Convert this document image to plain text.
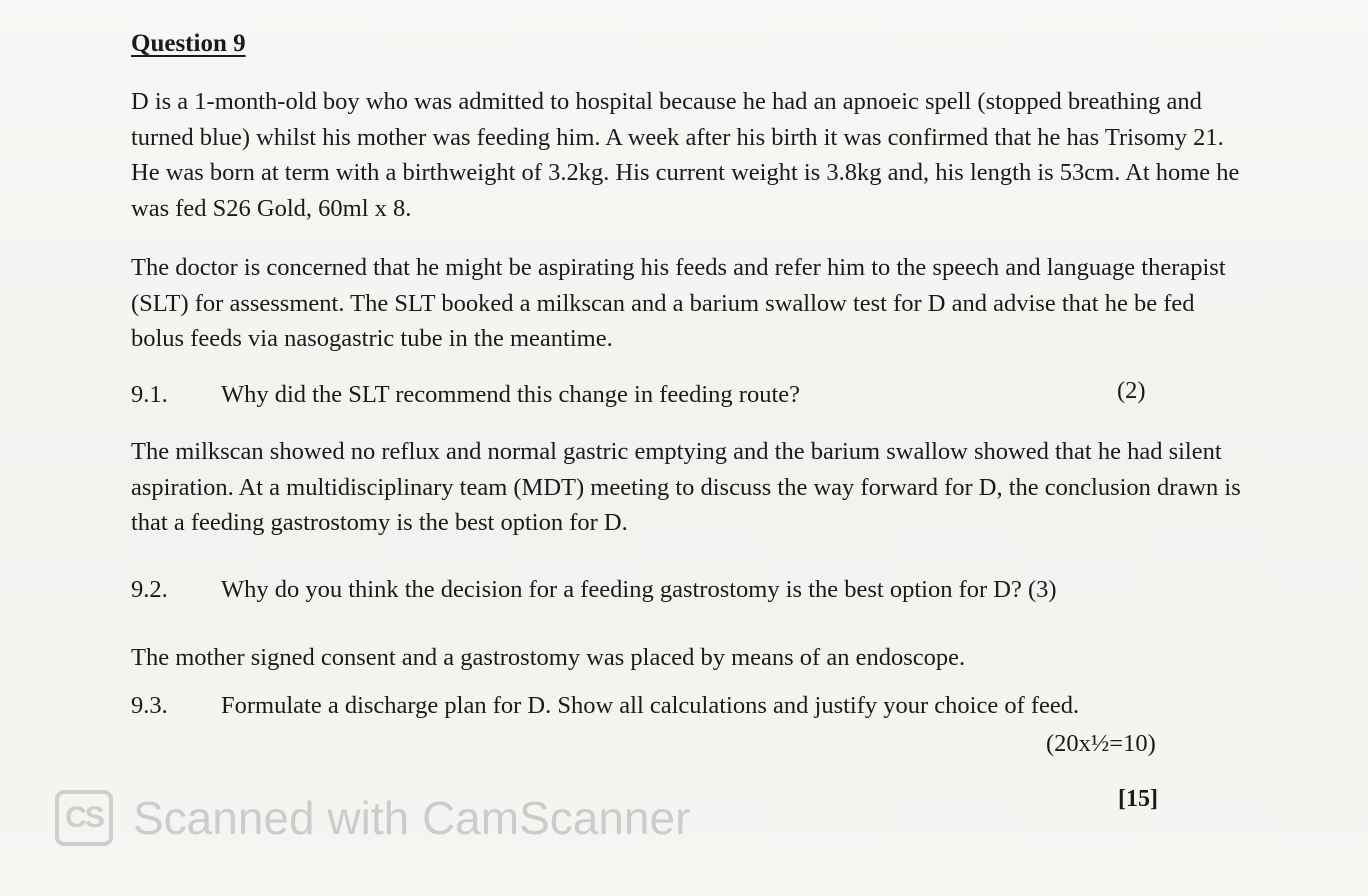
Question 9

D is a 1-month-old boy who was admitted to hospital because he had an apnoeic spell (stopped breathing and turned blue) whilst his mother was feeding him. A week after his birth it was confirmed that he has Trisomy 21. He was born at term with a birthweight of 3.2kg. His current weight is 3.8kg and, his length is 53cm. At home he was fed S26 Gold, 60ml x 8.

The doctor is concerned that he might be aspirating his feeds and refer him to the speech and language therapist (SLT) for assessment. The SLT booked a milkscan and a barium swallow test for D and advise that he be fed bolus feeds via nasogastric tube in the meantime.

9.1. Why did the SLT recommend this change in feeding route?	(2)

The milkscan showed no reflux and normal gastric emptying and the barium swallow showed that he had silent aspiration. At a multidisciplinary team (MDT) meeting to discuss the way forward for D, the conclusion drawn is that a feeding gastrostomy is the best option for D.

9.2. Why do you think the decision for a feeding gastrostomy is the best option for D? (3)

The mother signed consent and a gastrostomy was placed by means of an endoscope.

9.3. Formulate a discharge plan for D. Show all calculations and justify your choice of feed.
(20x½=10)
[15]
CS Scanned with CamScanner
